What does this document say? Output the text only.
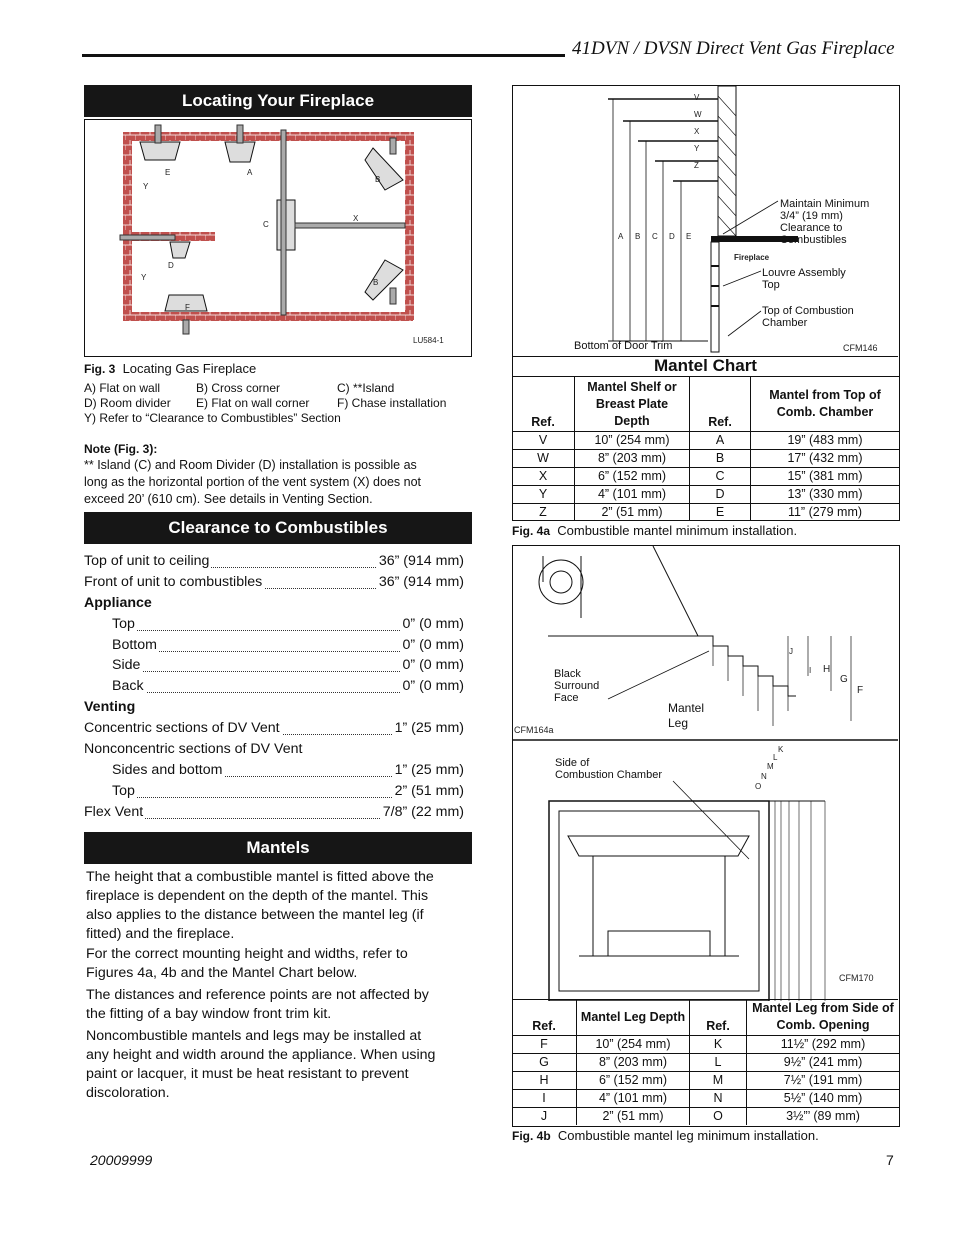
41DVN / DVSN Direct Vent Gas Fireplace
Locating Your Fireplace
E	A
B
C
X
D
B
F
Y
Y
LU584-1
Fig. 3 Locating Gas Fireplace
A) Flat on wall	B) Cross corner	C) **Island
D) Room divider E) Flat on wall corner F) Chase installation
Y) Refer to “Clearance to Combustibles” Section
Note (Fig. 3):
** Island (C) and Room Divider (D) installation is possible as
long as the horizontal portion of the vent system (X) does not
exceed 20’ (610 cm). See details in Venting Section.
Clearance to Combustibles
Top of unit to ceiling	36” (914 mm)
Front of unit to combustibles	36” (914 mm)
Appliance
Top	0” (0 mm)
Bottom	0” (0 mm)
Side	0” (0 mm)
Back	0” (0 mm)
Venting
Concentric sections of DV Vent	1” (25 mm)
Nonconcentric sections of DV Vent
Sides and bottom	1” (25 mm)
Top	2” (51 mm)
Flex Vent	7/8” (22 mm)
Mantels
The height that a combustible mantel is fitted above the
fireplace is dependent on the depth of the mantel. This
also applies to the distance between the mantel leg (if
fitted) and the fireplace.
For the correct mounting height and widths, refer to
Figures 4a, 4b and the Mantel Chart below.
The distances and reference points are not affected by
the fitting of a bay window front trim kit.
Noncombustible mantels and legs may be installed at
any height and width around the appliance. When using
paint or lacquer, it must be heat resistant to prevent
discoloration.
V
W
X
Y
Z
A B C D E
Maintain Minimum
3/4” (19 mm)
Clearance to
Combustibles
Fireplace
Louvre Assembly
Top
Top of Combustion
Chamber
Bottom of Door Trim	CFM146
Mantel Chart
Ref.	Mantel Shelf or Breast Plate Depth	Ref.	Mantel from Top of Comb. Chamber
V	10” (254 mm)	A	19” (483 mm)
W	8” (203 mm)	B	17” (432 mm)
X	6” (152 mm)	C	15” (381 mm)
Y	4” (101 mm)	D	13” (330 mm)
Z	2” (51 mm)	E	11” (279 mm)
Fig. 4a Combustible mantel minimum installation.
J
I H
G
F
Black
Surround
Face
Mantel
Leg
CFM164a
Side of
Combustion Chamber
K
L
M
N
O
CFM170
Ref.	Mantel Leg Depth	Ref.	Mantel Leg from Side of Comb. Opening
F	10” (254 mm)	K	11½” (292 mm)
G	8” (203 mm)	L	9½” (241 mm)
H	6” (152 mm)	M	7½” (191 mm)
I	4” (101 mm)	N	5½” (140 mm)
J	2” (51 mm)	O	3½”’ (89 mm)
Fig. 4b Combustible mantel leg minimum installation.
20009999	7
